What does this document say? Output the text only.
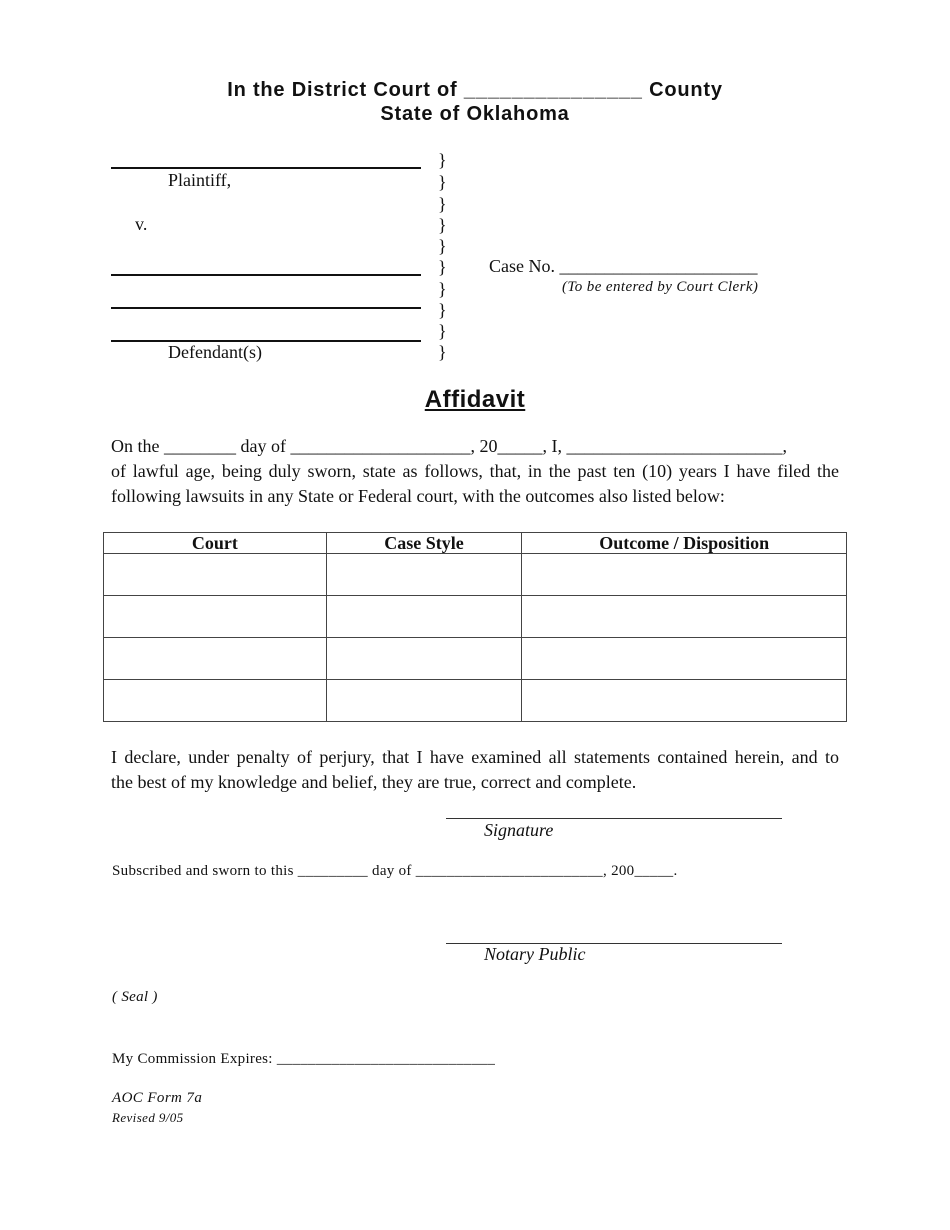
In the District Court of _______________ County
State of Oklahoma
Plaintiff,
v.
Defendant(s)
}
}
}
}
}
}
}
}
}
}
Case No. ______________________
(To be entered by Court Clerk)
Affidavit
On the ________ day of ____________________, 20_____, I, ________________________,
of lawful age, being duly sworn, state as follows, that, in the past ten (10) years I have filed the
following lawsuits in any State or Federal court, with the outcomes also listed below:
Court	Case Style	Outcome / Disposition

I declare, under penalty of perjury, that I have examined all statements contained herein, and to
the best of my knowledge and belief, they are true, correct and complete.
Signature
Subscribed and sworn to this _________ day of ________________________, 200_____.
Notary Public
( Seal )
My Commission Expires: ____________________________
AOC Form 7a
Revised 9/05
